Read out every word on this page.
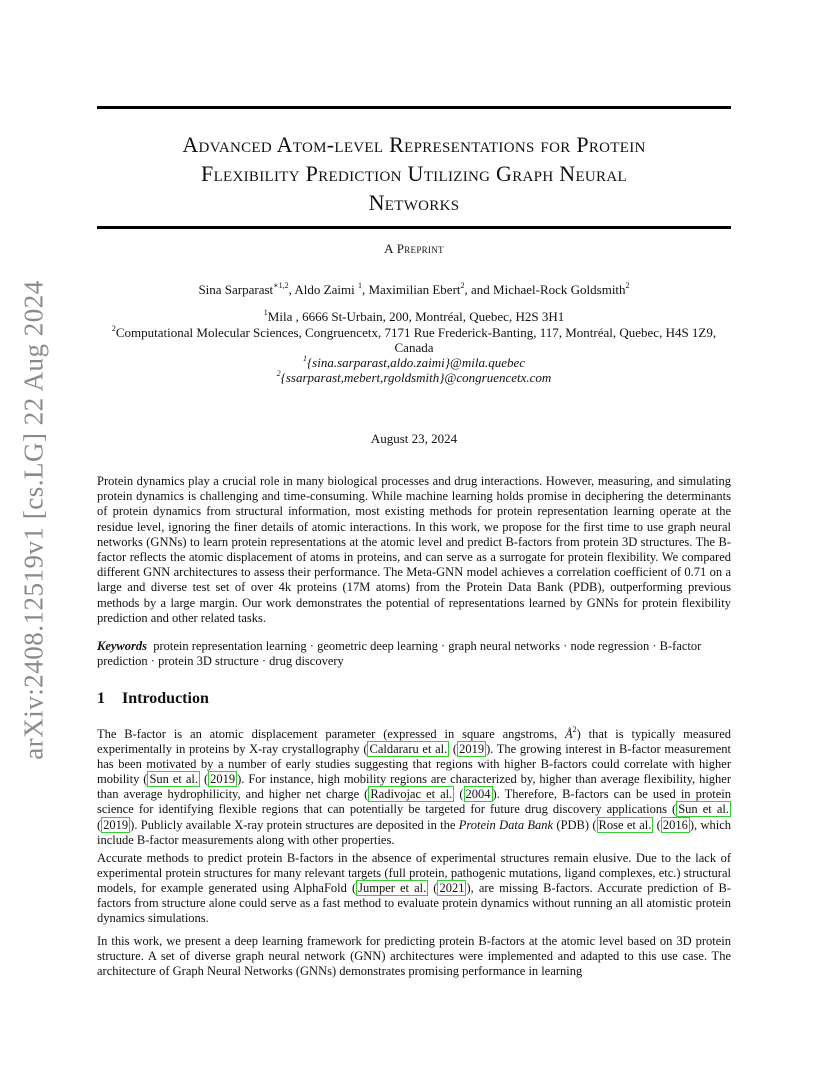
arXiv:2408.12519v1 [cs.LG] 22 Aug 2024
Advanced Atom-level Representations for Protein
Flexibility Prediction Utilizing Graph Neural
Networks
A Preprint
Sina Sarparast$^{∗1,2}$, Aldo Zaimi $^1$, Maximilian Ebert$^2$, and Michael-Rock Goldsmith$^2$
$^1$Mila , 6666 St-Urbain, 200, Montréal, Quebec, H2S 3H1
$^2$Computational Molecular Sciences, Congruencetx, 7171 Rue Frederick-Banting, 117, Montréal, Quebec, H4S 1Z9,
Canada
$^1${sina.sarparast,aldo.zaimi}@mila.quebec
$^2${ssarparast,mebert,rgoldsmith}@congruencetx.com
August 23, 2024
Protein dynamics play a crucial role in many biological processes and drug interactions. However, measuring, and simulating protein dynamics is challenging and time-consuming. While machine learning holds promise in deciphering the determinants of protein dynamics from structural information, most existing methods for protein representation learning operate at the residue level, ignoring the finer details of atomic interactions. In this work, we propose for the first time to use graph neural networks (GNNs) to learn protein representations at the atomic level and predict B-factors from protein 3D structures. The B-factor reflects the atomic displacement of atoms in proteins, and can serve as a surrogate for protein flexibility. We compared different GNN architectures to assess their performance. The Meta-GNN model achieves a correlation coefficient of 0.71 on a large and diverse test set of over 4k proteins (17M atoms) from the Protein Data Bank (PDB), outperforming previous methods by a large margin. Our work demonstrates the potential of representations learned by GNNs for protein flexibility prediction and other related tasks.
Keywords protein representation learning · geometric deep learning · graph neural networks · node regression · B-factor prediction · protein 3D structure · drug discovery
1 Introduction
The B-factor is an atomic displacement parameter (expressed in square angstroms, $Å^2$) that is typically measured experimentally in proteins by X-ray crystallography ( Caldararu et al. ( 2019 ). The growing interest in B-factor measurement has been motivated by a number of early studies suggesting that regions with higher B-factors could correlate with higher mobility ( Sun et al. ( 2019 ). For instance, high mobility regions are characterized by, higher than average flexibility, higher than average hydrophilicity, and higher net charge ( Radivojac et al. ( 2004 ). Therefore, B-factors can be used in protein science for identifying flexible regions that can potentially be targeted for future drug discovery applications ( Sun et al. ( 2019 ). Publicly available X-ray protein structures are deposited in the Protein Data Bank (PDB) ( Rose et al. ( 2016 ), which include B-factor measurements along with other properties.
Accurate methods to predict protein B-factors in the absence of experimental structures remain elusive. Due to the lack of experimental protein structures for many relevant targets (full protein, pathogenic mutations, ligand complexes, etc.) structural models, for example generated using AlphaFold ( Jumper et al. ( 2021 ), are missing B-factors. Accurate prediction of B-factors from structure alone could serve as a fast method to evaluate protein dynamics without running an all atomistic protein dynamics simulations.
In this work, we present a deep learning framework for predicting protein B-factors at the atomic level based on 3D protein structure. A set of diverse graph neural network (GNN) architectures were implemented and adapted to this use case. The architecture of Graph Neural Networks (GNNs) demonstrates promising performance in learning
